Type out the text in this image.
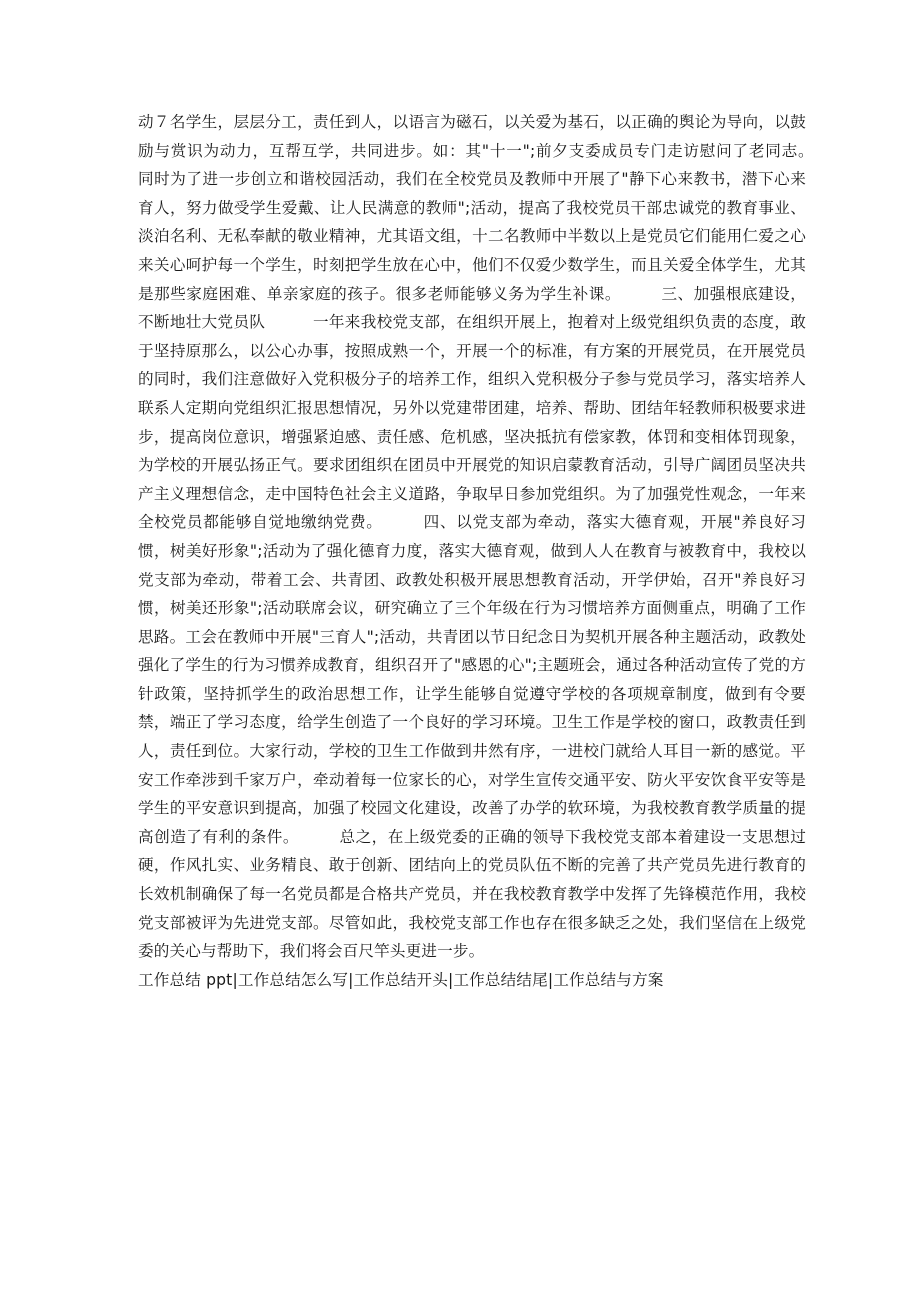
动７名学生，层层分工，责任到人，以语言为磁石，以关爱为基石，以正确的舆论为导向，以鼓励与赏识为动力，互帮互学，共同进步。如：其"十一";前夕支委成员专门走访慰问了老同志。　　　同时为了进一步创立和谐校园活动，我们在全校党员及教师中开展了"静下心来教书，潜下心来育人，努力做受学生爱戴、让人民满意的教师";活动，提高了我校党员干部忠诚党的教育事业、淡泊名利、无私奉献的敬业精神，尤其语文组，十二名教师中半数以上是党员它们能用仁爱之心来关心呵护每一个学生，时刻把学生放在心中，他们不仅爱少数学生，而且关爱全体学生，尤其是那些家庭困难、单亲家庭的孩子。很多老师能够义务为学生补课。　　　三、加强根底建设，不断地壮大党员队　　　一年来我校党支部，在组织开展上，抱着对上级党组织负责的态度，敢于坚持原那么，以公心办事，按照成熟一个，开展一个的标准，有方案的开展党员，在开展党员的同时，我们注意做好入党积极分子的培养工作，组织入党积极分子参与党员学习，落实培养人联系人定期向党组织汇报思想情况，另外以党建带团建，培养、帮助、团结年轻教师积极要求进步，提高岗位意识，增强紧迫感、责任感、危机感，坚决抵抗有偿家教，体罚和变相体罚现象，为学校的开展弘扬正气。要求团组织在团员中开展党的知识启蒙教育活动，引导广阔团员坚决共产主义理想信念，走中国特色社会主义道路，争取早日参加党组织。为了加强党性观念，一年来全校党员都能够自觉地缴纳党费。　　　四、以党支部为牵动，落实大德育观，开展"养良好习惯，树美好形象";活动为了强化德育力度，落实大德育观，做到人人在教育与被教育中，我校以党支部为牵动，带着工会、共青团、政教处积极开展思想教育活动，开学伊始，召开"养良好习惯，树美还形象";活动联席会议，研究确立了三个年级在行为习惯培养方面侧重点，明确了工作思路。工会在教师中开展"三育人";活动，共青团以节日纪念日为契机开展各种主题活动，政教处强化了学生的行为习惯养成教育，组织召开了"感恩的心";主题班会，通过各种活动宣传了党的方针政策，坚持抓学生的政治思想工作，让学生能够自觉遵守学校的各项规章制度，做到有令要禁，端正了学习态度，给学生创造了一个良好的学习环境。卫生工作是学校的窗口，政教责任到人，责任到位。大家行动，学校的卫生工作做到井然有序，一进校门就给人耳目一新的感觉。平安工作牵涉到千家万户，牵动着每一位家长的心，对学生宣传交通平安、防火平安饮食平安等是学生的平安意识到提高，加强了校园文化建设，改善了办学的软环境，为我校教育教学质量的提高创造了有利的条件。　　　总之，在上级党委的正确的领导下我校党支部本着建设一支思想过硬，作风扎实、业务精良、敢于创新、团结向上的党员队伍不断的完善了共产党员先进行教育的长效机制确保了每一名党员都是合格共产党员，并在我校教育教学中发挥了先锋模范作用，我校党支部被评为先进党支部。尽管如此，我校党支部工作也存在很多缺乏之处，我们坚信在上级党委的关心与帮助下，我们将会百尺竿头更进一步。

工作总结 ppt|工作总结怎么写|工作总结开头|工作总结结尾|工作总结与方案
